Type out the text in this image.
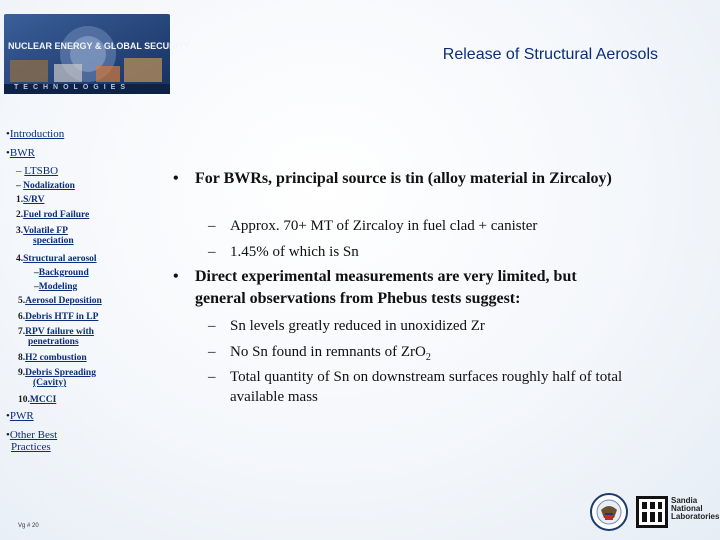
NUCLEAR ENERGY & GLOBAL SECURITY
TECHNOLOGIES
Release of Structural Aerosols
•Introduction
•BWR
– LTSBO
– Nodalization
1.S/RV
2.Fuel rod Failure
3.Volatile FP
speciation
4.Structural aerosol
–Background
–Modeling
5.Aerosol Deposition
6.Debris HTF in LP
7.RPV failure with
penetrations
8.H2 combustion
9.Debris Spreading
(Cavity)
10.MCCI
•PWR
•Other Best
Practices
• For BWRs, principal source is tin (alloy material in Zircaloy)
– Approx. 70+ MT of Zircaloy in fuel clad + canister
– 1.45% of which is Sn
• Direct experimental measurements are very limited, but general observations from Phebus tests suggest:
– Sn levels greatly reduced in unoxidized Zr
– No Sn found in remnants of ZrO$_2$
– Total quantity of Sn on downstream surfaces roughly half of total available mass
Vg # 20
Sandia
National
Laboratories
